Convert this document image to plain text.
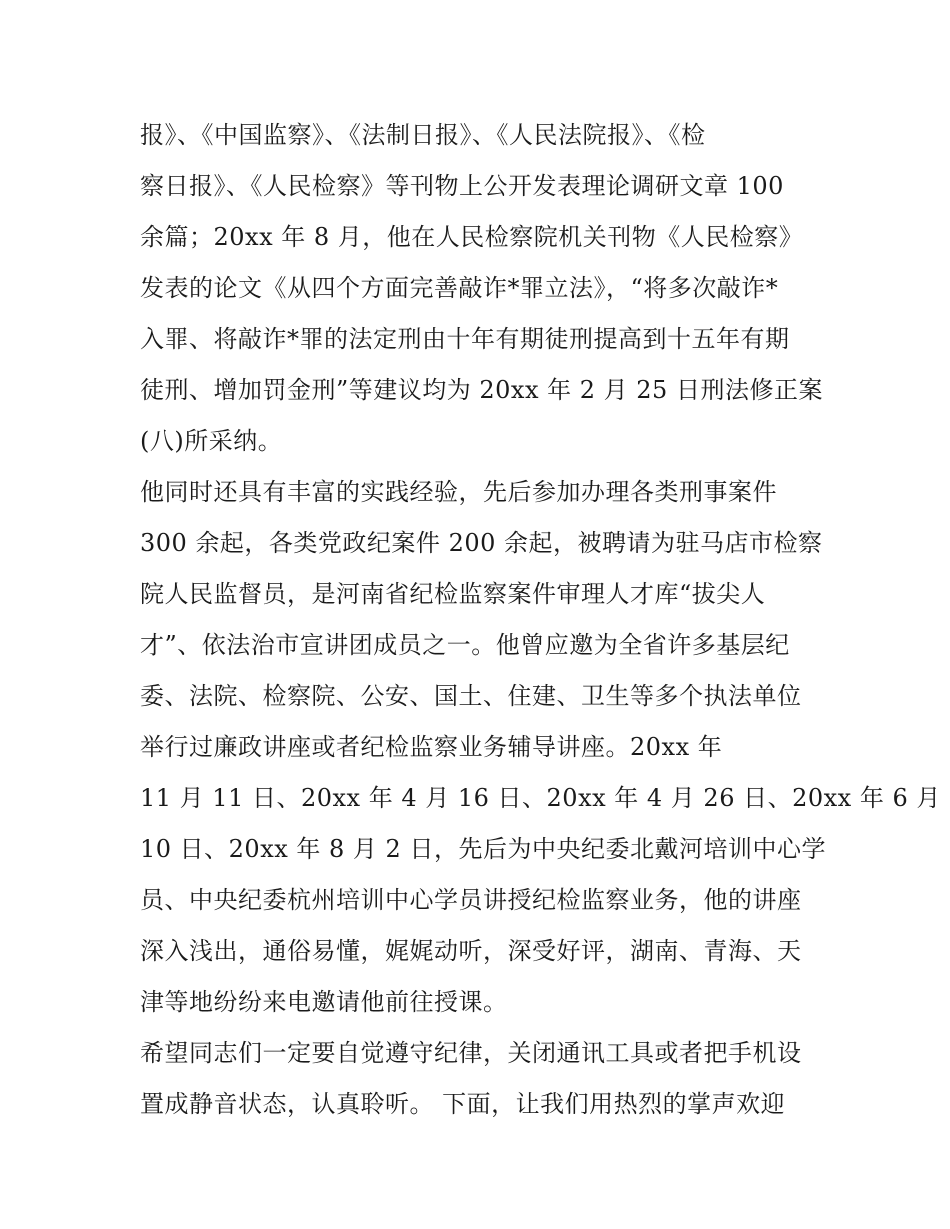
报》、《中国监察》、《法制日报》、《人民法院报》、《检
察日报》、《人民检察》等刊物上公开发表理论调研文章 100
余篇；20xx 年 8 月，他在人民检察院机关刊物《人民检察》
发表的论文《从四个方面完善敲诈*罪立法》，“将多次敲诈*
入罪、将敲诈*罪的法定刑由十年有期徒刑提高到十五年有期
徒刑、增加罚金刑”等建议均为 20xx 年 2 月 25 日刑法修正案
(八)所采纳。
他同时还具有丰富的实践经验，先后参加办理各类刑事案件
300 余起，各类党政纪案件 200 余起，被聘请为驻马店市检察
院人民监督员，是河南省纪检监察案件审理人才库“拔尖人
才”、依法治市宣讲团成员之一。他曾应邀为全省许多基层纪
委、法院、检察院、公安、国土、住建、卫生等多个执法单位
举行过廉政讲座或者纪检监察业务辅导讲座。20xx 年
11 月 11 日、20xx 年 4 月 16 日、20xx 年 4 月 26 日、20xx 年 6 月
10 日、20xx 年 8 月 2 日，先后为中央纪委北戴河培训中心学
员、中央纪委杭州培训中心学员讲授纪检监察业务，他的讲座
深入浅出，通俗易懂，娓娓动听，深受好评，湖南、青海、天
津等地纷纷来电邀请他前往授课。
希望同志们一定要自觉遵守纪律，关闭通讯工具或者把手机设
置成静音状态，认真聆听。 下面，让我们用热烈的掌声欢迎
